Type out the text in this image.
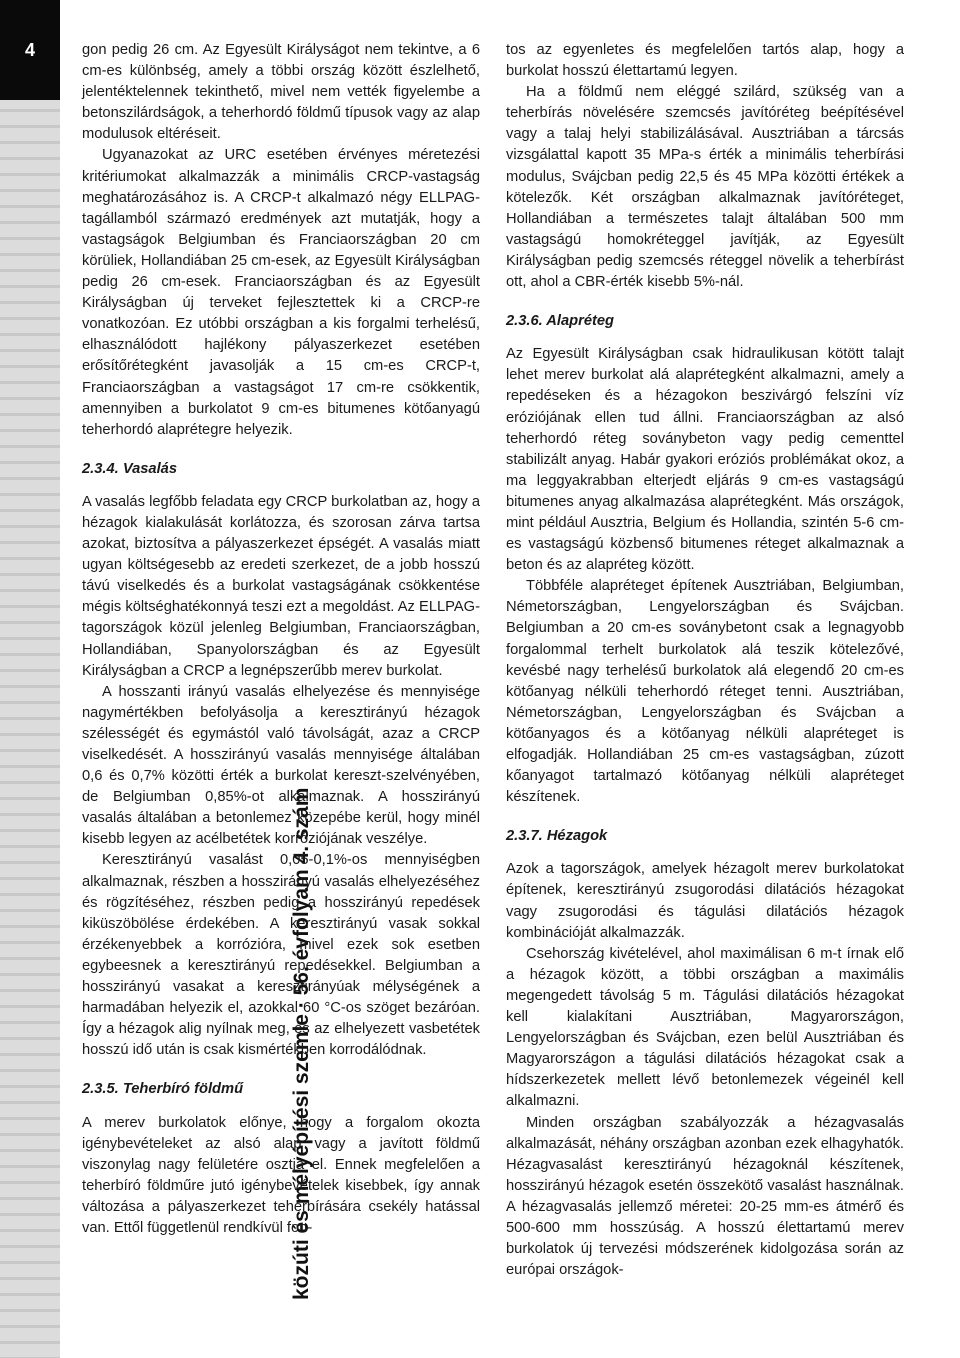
4
közúti és mélyépítési szemle · 56. évfolyam 4. szám

gon pedig 26 cm. Az Egyesült Királyságot nem tekintve, a 6 cm-es különbség, amely a többi ország között észlelhető, jelentéktelennek tekinthető, mivel nem vették figyelembe a betonszilárdságok, a teherhordó földmű típusok vagy az alap modulusok eltéréseit.

Ugyanazokat az URC esetében érvényes méretezési kritériumokat alkalmazzák a minimális CRCP-vastagság meghatározásához is. A CRCP-t alkalmazó négy ELLPAG-tagállamból származó eredmények azt mutatják, hogy a vastagságok Belgiumban és Franciaországban 20 cm körüliek, Hollandiában 25 cm-esek, az Egyesült Királyságban pedig 26 cm-esek. Franciaországban és az Egyesült Királyságban új terveket fejlesztettek ki a CRCP-re vonatkozóan. Ez utóbbi országban a kis forgalmi terhelésű, elhasználódott hajlékony pályaszerkezet esetében erősítőrétegként javasolják a 15 cm-es CRCP-t, Franciaországban a vastagságot 17 cm-re csökkentik, amennyiben a burkolatot 9 cm-es bitumenes kötőanyagú teherhordó alaprétegre helyezik.

2.3.4. Vasalás

A vasalás legfőbb feladata egy CRCP burkolatban az, hogy a hézagok kialakulását korlátozza, és szorosan zárva tartsa azokat, biztosítva a pályaszerkezet épségét. A vasalás miatt ugyan költségesebb az eredeti szerkezet, de a jobb hosszú távú viselkedés és a burkolat vastagságának csökkentése mégis költséghatékonnyá teszi ezt a megoldást. Az ELLPAG-tagországok közül jelenleg Belgiumban, Franciaországban, Hollandiában, Spanyolországban és az Egyesült Királyságban a CRCP a legnépszerűbb merev burkolat.

A hosszanti irányú vasalás elhelyezése és mennyisége nagymértékben befolyásolja a keresztirányú hézagok szélességét és egymástól való távolságát, azaz a CRCP viselkedését. A hosszirányú vasalás mennyisége általában 0,6 és 0,7% közötti érték a burkolat kereszt-szelvényében, de Belgiumban 0,85%-ot alkalmaznak. A hosszirányú vasalás általában a betonlemez közepébe kerül, hogy minél kisebb legyen az acélbetétek korróziójának veszélye.

Keresztirányú vasalást 0,05-0,1%-os mennyiségben alkalmaznak, részben a hosszirányú vasalás elhelyezéséhez és rögzítéséhez, részben pedig a hosszirányú repedések kiküszöbölése érdekében. A keresztirányú vasak sokkal érzékenyebbek a korrózióra, mivel ezek sok esetben egybeesnek a keresztirányú repedésekkel. Belgiumban a hosszirányú vasakat a keresztirányúak mélységének a harmadában helyezik el, azokkal 60 °C-os szöget bezáróan. Így a hézagok alig nyílnak meg, és az elhelyezett vasbetétek hosszú idő után is csak kismértékben korrodálódnak.

2.3.5. Teherbíró földmű

A merev burkolatok előnye, hogy a forgalom okozta igénybevételeket az alsó alap vagy a javított földmű viszonylag nagy felületére osztja el. Ennek megfelelően a teherbíró földműre jutó igénybevételek kisebbek, így annak változása a pályaszerkezet teherbírására csekély hatással van. Ettől függetlenül rendkívül fon-

tos az egyenletes és megfelelően tartós alap, hogy a burkolat hosszú élettartamú legyen.

Ha a földmű nem eléggé szilárd, szükség van a teherbírás növelésére szemcsés javítóréteg beépítésével vagy a talaj helyi stabilizálásával. Ausztriában a tárcsás vizsgálattal kapott 35 MPa-s érték a minimális teherbírási modulus, Svájcban pedig 22,5 és 45 MPa közötti értékek a kötelezők. Két országban alkalmaznak javítóréteget, Hollandiában a természetes talajt általában 500 mm vastagságú homokréteggel javítják, az Egyesült Királyságban pedig szemcsés réteggel növelik a teherbírást ott, ahol a CBR-érték kisebb 5%-nál.

2.3.6. Alapréteg

Az Egyesült Királyságban csak hidraulikusan kötött talajt lehet merev burkolat alá alaprétegként alkalmazni, amely a repedéseken és a hézagokon beszivárgó felszíni víz eróziójának ellen tud állni. Franciaországban az alsó teherhordó réteg soványbeton vagy pedig cementtel stabilizált anyag. Habár gyakori eróziós problémákat okoz, a ma leggyakrabban elterjedt eljárás 9 cm-es vastagságú bitumenes anyag alkalmazása alaprétegként. Más országok, mint például Ausztria, Belgium és Hollandia, szintén 5-6 cm-es vastagságú közbenső bitumenes réteget alkalmaznak a beton és az alapréteg között.

Többféle alapréteget építenek Ausztriában, Belgiumban, Németországban, Lengyelországban és Svájcban. Belgiumban a 20 cm-es soványbetont csak a legnagyobb forgalommal terhelt burkolatok alá teszik kötelezővé, kevésbé nagy terhelésű burkolatok alá elegendő 20 cm-es kötőanyag nélküli teherhordó réteget tenni. Ausztriában, Németországban, Lengyelországban és Svájcban a kötőanyagos és a kötőanyag nélküli alapréteget is elfogadják. Hollandiában 25 cm-es vastagságban, zúzott kőanyagot tartalmazó kötőanyag nélküli alapréteget készítenek.

2.3.7. Hézagok

Azok a tagországok, amelyek hézagolt merev burkolatokat építenek, keresztirányú zsugorodási dilatációs hézagokat vagy zsugorodási és tágulási dilatációs hézagok kombinációját alkalmazzák.

Csehország kivételével, ahol maximálisan 6 m-t írnak elő a hézagok között, a többi országban a maximális megengedett távolság 5 m. Tágulási dilatációs hézagokat kell kialakítani Ausztriában, Magyarországon, Lengyelországban és Svájcban, ezen belül Ausztriában és Magyarországon a tágulási dilatációs hézagokat csak a hídszerkezetek mellett lévő betonlemezek végeinél kell alkalmazni.

Minden országban szabályozzák a hézagvasalás alkalmazását, néhány országban azonban ezek elhagyhatók. Hézagvasalást keresztirányú hézagoknál készítenek, hosszirányú hézagok esetén összekötő vasalást használnak. A hézagvasalás jellemző méretei: 20-25 mm-es átmérő és 500-600 mm hosszúság. A hosszú élettartamú merev burkolatok új tervezési módszerének kidolgozása során az európai országok-
